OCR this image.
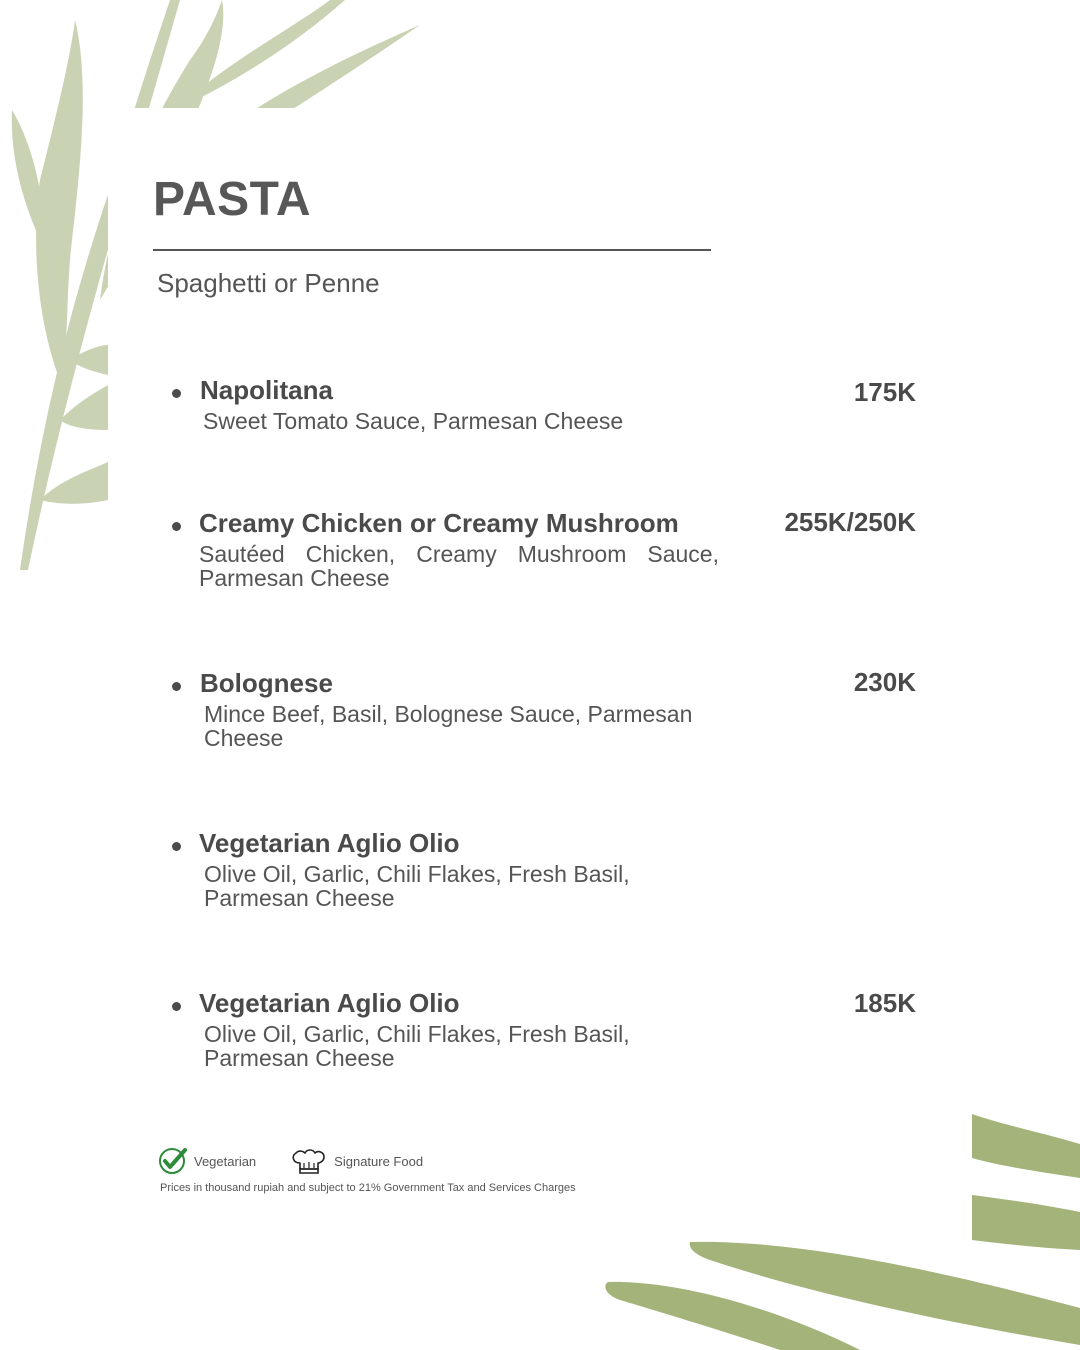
PASTA
Spaghetti or Penne
Napolitana	175K
Sweet Tomato Sauce, Parmesan Cheese
Creamy Chicken or Creamy Mushroom	255K/250K
Sautéed Chicken, Creamy Mushroom Sauce, Parmesan Cheese
Bolognese	230K
Mince Beef, Basil, Bolognese Sauce, Parmesan Cheese
Vegetarian Aglio Olio
Olive Oil, Garlic, Chili Flakes, Fresh Basil, Parmesan Cheese
Vegetarian Aglio Olio	185K
Olive Oil, Garlic, Chili Flakes, Fresh Basil, Parmesan Cheese
Vegetarian	Signature Food
Prices in thousand rupiah and subject to 21% Government Tax and Services Charges
